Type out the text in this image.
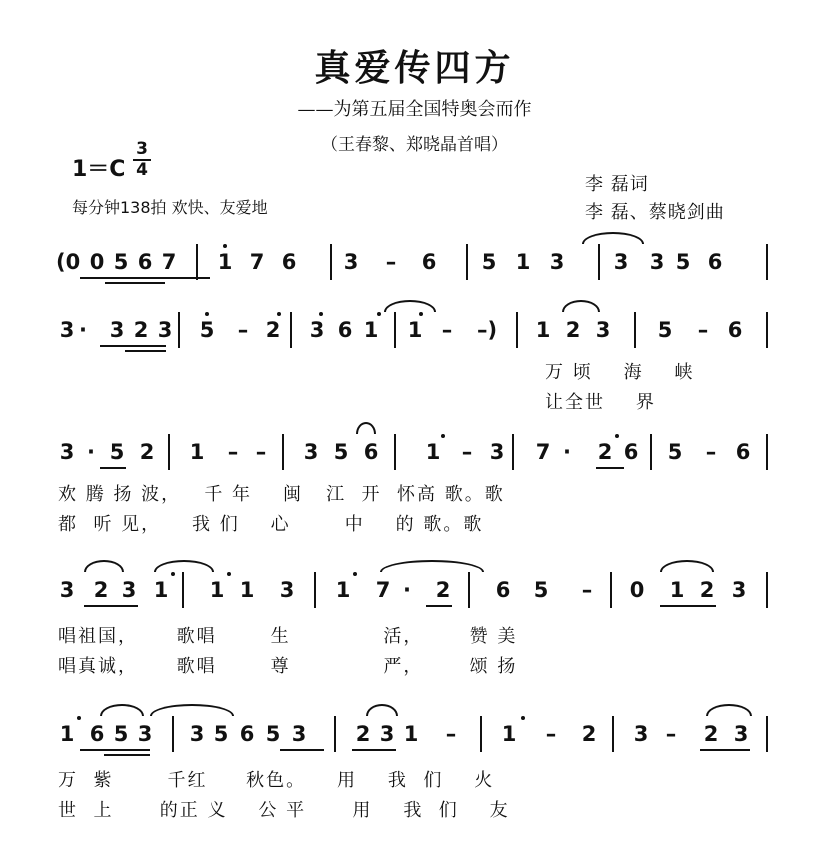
真爱传四方
——为第五届全国特奥会而作
（王春黎、郑晓晶首唱）
$1=C \frac{3}{4}$
每分钟138拍 欢快、友爱地
李 磊词
李 磊、蔡晓剑曲
(0 0 5 6 7 1 7 6 3 – 6 5 1 3 3 3 5 6
3 ·	3 2 3 5 – 2 3 6 1 1 – –) 1 2 3 5 – 6
万 顷    海    峡
让全世    界
3 · 5 2 1 – – 3 5 6 1 – 3 7 ·	2 6 5 – 6
欢 腾 扬 波，   千 年    闽   江  开  怀高 歌。歌
都  听 见，    我 们    心       中    的 歌。歌
3 2 3 1 1 1 3 1 7 ·	2 6 5 – 0 1 2 3
唱祖国，     歌唱       生            活，      赞 美
唱真诚，     歌唱       尊            严，      颂 扬
1 6 5 3 3 5 6 5 3 2 3 1 – 1 – 2 3 – 2 3
万  紫       千红     秋色。    用    我  们    火
世  上      的正 义    公 平      用    我  们    友
